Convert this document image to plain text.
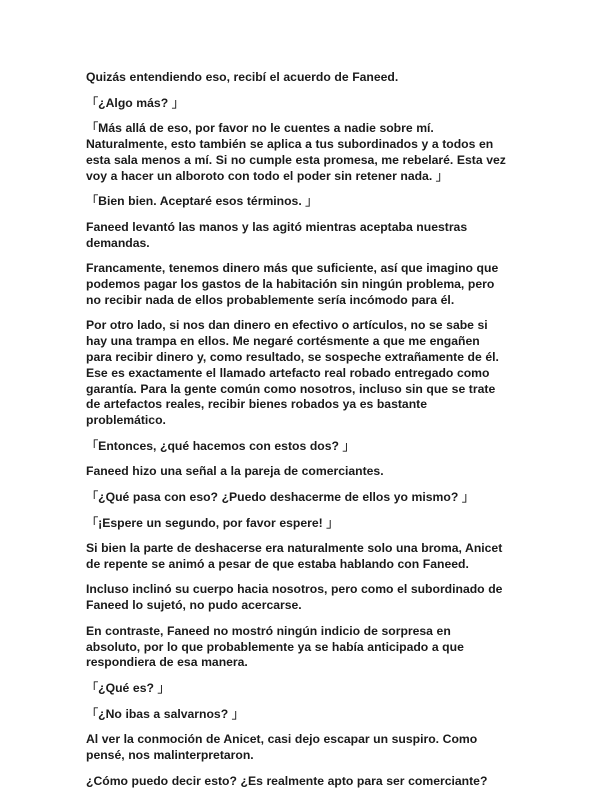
Quizás entendiendo eso, recibí el acuerdo de Faneed.

「¿Algo más? 」

「Más allá de eso, por favor no le cuentes a nadie sobre mí. Naturalmente, esto también se aplica a tus subordinados y a todos en esta sala menos a mí. Si no cumple esta promesa, me rebelaré. Esta vez voy a hacer un alboroto con todo el poder sin retener nada. 」

「Bien bien. Aceptaré esos términos. 」

Faneed levantó las manos y las agitó mientras aceptaba nuestras demandas.

Francamente, tenemos dinero más que suficiente, así que imagino que podemos pagar los gastos de la habitación sin ningún problema, pero no recibir nada de ellos probablemente sería incómodo para él.

Por otro lado, si nos dan dinero en efectivo o artículos, no se sabe si hay una trampa en ellos. Me negaré cortésmente a que me engañen para recibir dinero y, como resultado, se sospeche extrañamente de él. Ese es exactamente el llamado artefacto real robado entregado como garantía. Para la gente común como nosotros, incluso sin que se trate de artefactos reales, recibir bienes robados ya es bastante problemático.

「Entonces, ¿qué hacemos con estos dos? 」

Faneed hizo una señal a la pareja de comerciantes.

「¿Qué pasa con eso? ¿Puedo deshacerme de ellos yo mismo? 」

「¡Espere un segundo, por favor espere! 」

Si bien la parte de deshacerse era naturalmente solo una broma, Anicet de repente se animó a pesar de que estaba hablando con Faneed.

Incluso inclinó su cuerpo hacia nosotros, pero como el subordinado de Faneed lo sujetó, no pudo acercarse.

En contraste, Faneed no mostró ningún indicio de sorpresa en absoluto, por lo que probablemente ya se había anticipado a que respondiera de esa manera.

「¿Qué es? 」

「¿No ibas a salvarnos? 」

Al ver la conmoción de Anicet, casi dejo escapar un suspiro. Como pensé, nos malinterpretaron.

¿Cómo puedo decir esto? ¿Es realmente apto para ser comerciante?
